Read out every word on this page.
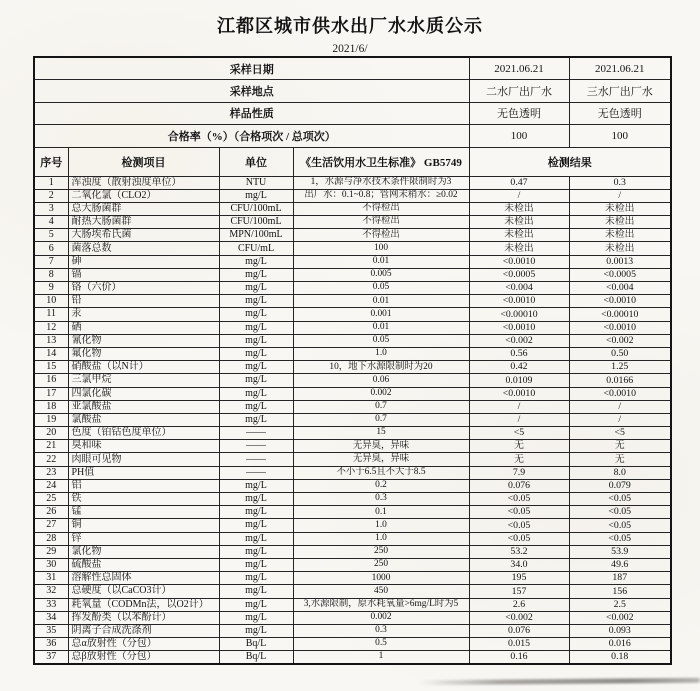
江都区城市供水出厂水水质公示
2021/6/
采样日期				2021.06.21	2021.06.21
采样地点				二水厂出厂水	三水厂出厂水
样品性质				无色透明	无色透明
合格率（%）（合格项次 / 总项次）				100	100
序号	检测项目	单位	《生活饮用水卫生标准》 GB5749	检测结果	
1	浑浊度（散射浊度单位）	NTU	1，水源与净水技术条件限制时为3	0.47	0.3
2	二氧化氯（CLO2）	mg/L	出厂水：0.1~0.8；管网末稍水：≥0.02	/	/
3	总大肠菌群	CFU/100mL	不得检出	未检出	未检出
4	耐热大肠菌群	CFU/100mL	不得检出	未检出	未检出
5	大肠埃希氏菌	MPN/100mL	不得检出	未检出	未检出
6	菌落总数	CFU/mL	100	未检出	未检出
7	砷	mg/L	0.01	<0.0010	0.0013
8	镉	mg/L	0.005	<0.0005	<0.0005
9	铬（六价）	mg/L	0.05	<0.004	<0.004
10	铅	mg/L	0.01	<0.0010	<0.0010
11	汞	mg/L	0.001	<0.00010	<0.00010
12	硒	mg/L	0.01	<0.0010	<0.0010
13	氰化物	mg/L	0.05	<0.002	<0.002
14	氟化物	mg/L	1.0	0.56	0.50
15	硝酸盐（以N计）	mg/L	10，地下水源限制时为20	0.42	1.25
16	三氯甲烷	mg/L	0.06	0.0109	0.0166
17	四氯化碳	mg/L	0.002	<0.0010	<0.0010
18	亚氯酸盐	mg/L	0.7	/	/
19	氯酸盐	mg/L	0.7	/	/
20	色度（铂钴色度单位）	——	15	<5	<5
21	臭和味	——	无异臭，异味	无	无
22	肉眼可见物	——	无异臭，异味	无	无
23	PH值	——	不小于6.5且不大于8.5	7.9	8.0
24	铝	mg/L	0.2	0.076	0.079
25	铁	mg/L	0.3	<0.05	<0.05
26	锰	mg/L	0.1	<0.05	<0.05
27	铜	mg/L	1.0	<0.05	<0.05
28	锌	mg/L	1.0	<0.05	<0.05
29	氯化物	mg/L	250	53.2	53.9
30	硫酸盐	mg/L	250	34.0	49.6
31	溶解性总固体	mg/L	1000	195	187
32	总硬度（以CaCO3计）	mg/L	450	157	156
33	耗氧量（CODMn法，以O2计）	mg/L	3,水源限制，原水耗氧量>6mg/L时为5	2.6	2.5
34	挥发酚类（以苯酚计）	mg/L	0.002	<0.002	<0.002
35	阴离子合成洗涤剂	mg/L	0.3	0.076	0.093
36	总α放射性（分包）	Bq/L	0.5	0.015	0.016
37	总β放射性（分包）	Bq/L	1	0.16	0.18
